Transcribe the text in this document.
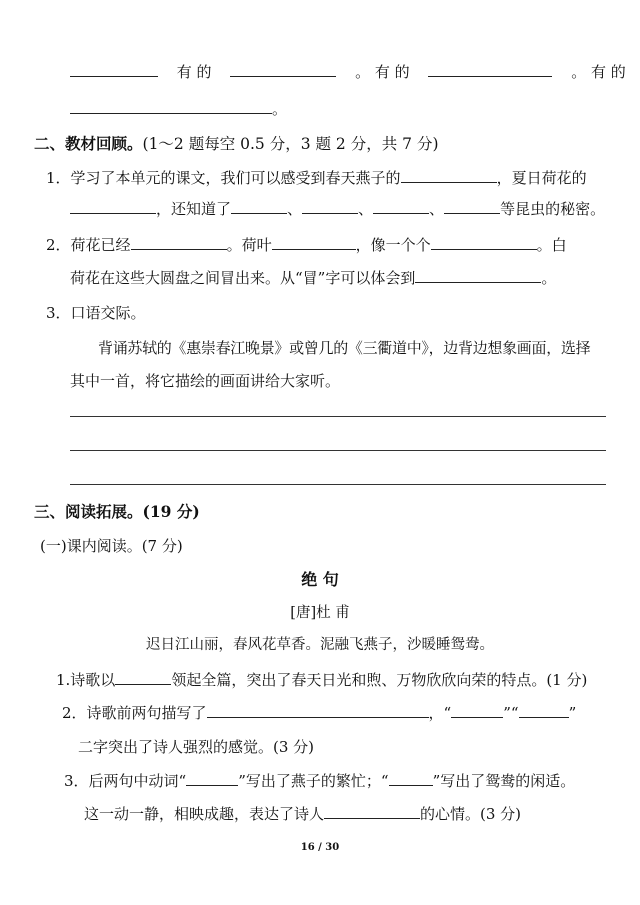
有 的	。 有 的	。 有 的
。
二、教材回顾。(1～2 题每空 0.5 分，3 题 2 分，共 7 分)
1．学习了本单元的课文，我们可以感受到春天燕子的	，夏日荷花的
，还知道了	、	、	、	等昆虫的秘密。
2．荷花已经	。荷叶	，像一个个	。白
荷花在这些大圆盘之间冒出来。从“冒”字可以体会到	。
3．口语交际。
背诵苏轼的《惠崇春江晚景》或曾几的《三衢道中》，边背边想象画面，选择
其中一首，将它描绘的画面讲给大家听。
三、阅读拓展。(19 分)
(一)课内阅读。(7 分)
绝 句
[唐]杜 甫
迟日江山丽，春风花草香。泥融飞燕子，沙暖睡鸳鸯。
1.诗歌以	领起全篇，突出了春天日光和煦、万物欣欣向荣的特点。(1 分)
2．诗歌前两句描写了	，“	”“	”
二字突出了诗人强烈的感觉。(3 分)
3．后两句中动词“	”写出了燕子的繁忙；“	”写出了鸳鸯的闲适。
这一动一静，相映成趣，表达了诗人	的心情。(3 分)
16 / 30
